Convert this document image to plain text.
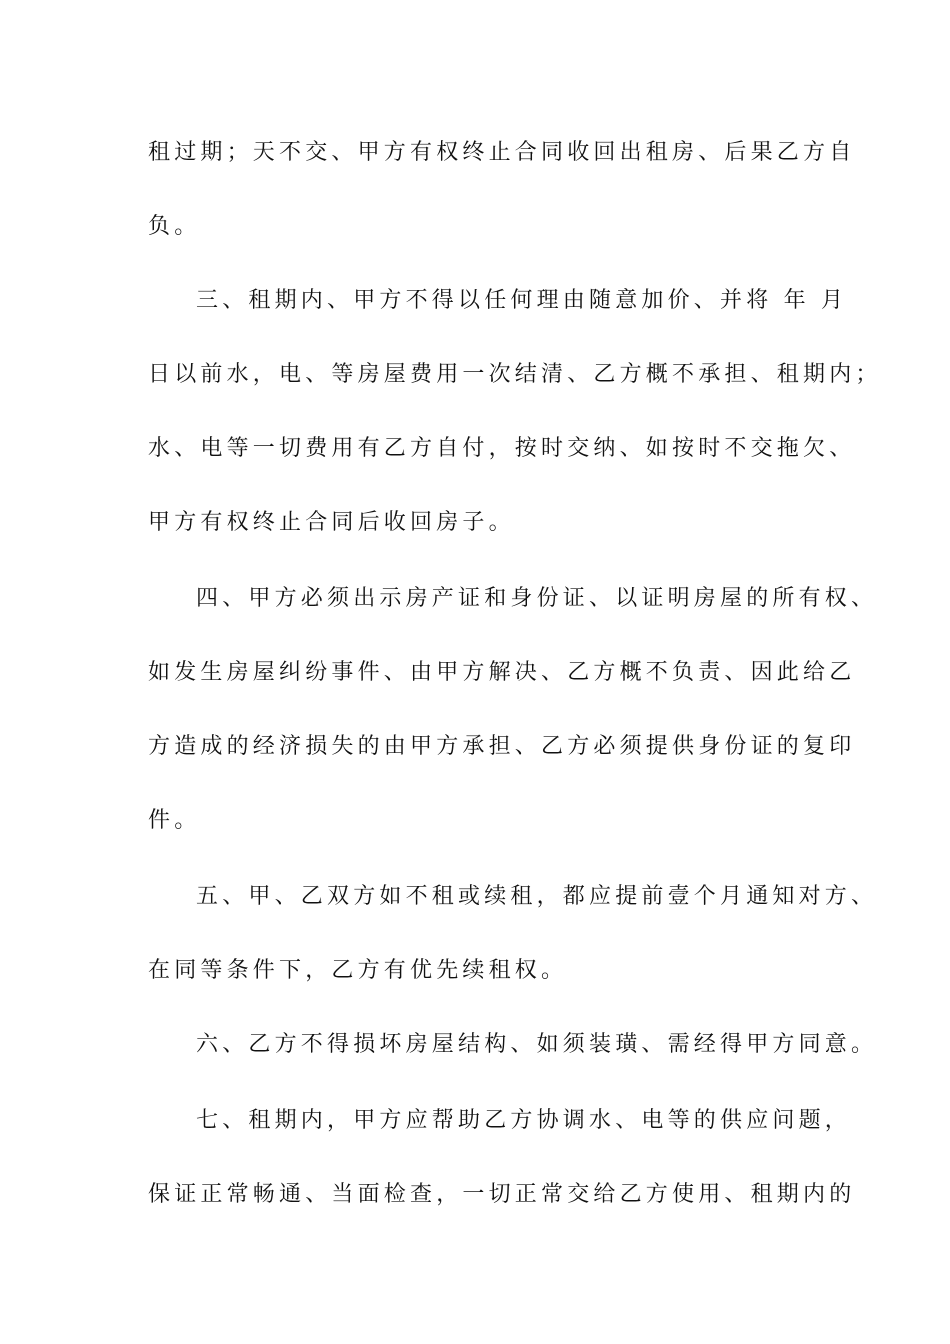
租过期；天不交、甲方有权终止合同收回出租房、后果乙方自
负。
三、租期内、甲方不得以任何理由随意加价、并将 年 月
日以前水，电、等房屋费用一次结清、乙方概不承担、租期内；
水、电等一切费用有乙方自付，按时交纳、如按时不交拖欠、
甲方有权终止合同后收回房子。
四、甲方必须出示房产证和身份证、以证明房屋的所有权、
如发生房屋纠纷事件、由甲方解决、乙方概不负责、因此给乙
方造成的经济损失的由甲方承担、乙方必须提供身份证的复印
件。
五、甲、乙双方如不租或续租，都应提前壹个月通知对方、
在同等条件下，乙方有优先续租权。
六、乙方不得损坏房屋结构、如须装璜、需经得甲方同意。
七、租期内，甲方应帮助乙方协调水、电等的供应问题，
保证正常畅通、当面检查，一切正常交给乙方使用、租期内的
